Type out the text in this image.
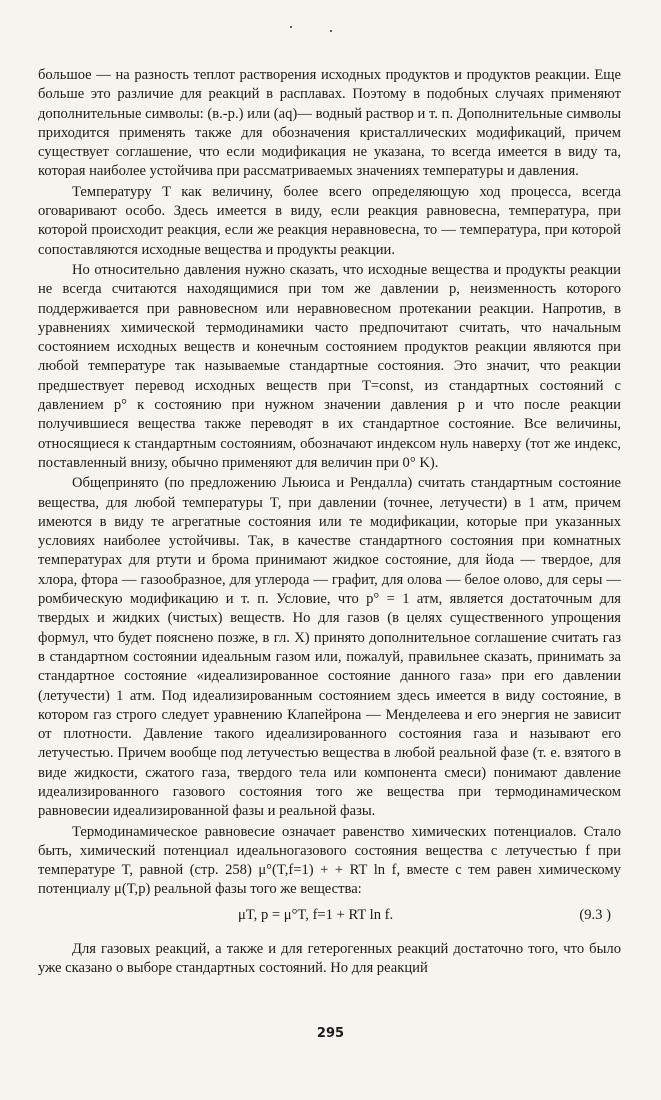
большое — на разность теплот растворения исходных продуктов и продуктов реакции. Еще больше это различие для реакций в расплавах. Поэтому в подобных случаях применяют дополнительные символы: (в.-р.) или (aq)— водный раствор и т. п. Дополнительные символы приходится применять также для обозначения кристаллических модификаций, причем существует соглашение, что если модификация не указана, то всегда имеется в виду та, которая наиболее устойчива при рассматриваемых значениях температуры и давления.

Температуру T как величину, более всего определяющую ход процесса, всегда оговаривают особо. Здесь имеется в виду, если реакция равновесна, температура, при которой происходит реакция, если же реакция неравновесна, то — температура, при которой сопоставляются исходные вещества и продукты реакции.

Но относительно давления нужно сказать, что исходные вещества и продукты реакции не всегда считаются находящимися при том же давлении p, неизменность которого поддерживается при равновесном или неравновесном протекании реакции. Напротив, в уравнениях химической термодинамики часто предпочитают считать, что начальным состоянием исходных веществ и конечным состоянием продуктов реакции являются при любой температуре так называемые стандартные состояния. Это значит, что реакции предшествует перевод исходных веществ при T=const, из стандартных состояний с давлением p° к состоянию при нужном значении давления p и что после реакции получившиеся вещества также переводят в их стандартное состояние. Все величины, относящиеся к стандартным состояниям, обозначают индексом нуль наверху (тот же индекс, поставленный внизу, обычно применяют для величин при 0° K).

Общепринято (по предложению Льюиса и Рендалла) считать стандартным состояние вещества, для любой температуры T, при давлении (точнее, летучести) в 1 атм, причем имеются в виду те агрегатные состояния или те модификации, которые при указанных условиях наиболее устойчивы. Так, в качестве стандартного состояния при комнатных температурах для ртути и брома принимают жидкое состояние, для йода — твердое, для хлора, фтора — газообразное, для углерода — графит, для олова — белое олово, для серы — ромбическую модификацию и т. п. Условие, что p° = 1 атм, является достаточным для твердых и жидких (чистых) веществ. Но для газов (в целях существенного упрощения формул, что будет пояснено позже, в гл. X) принято дополнительное соглашение считать газ в стандартном состоянии идеальным газом или, пожалуй, правильнее сказать, принимать за стандартное состояние «идеализированное состояние данного газа» при его давлении (летучести) 1 атм. Под идеализированным состоянием здесь имеется в виду состояние, в котором газ строго следует уравнению Клапейрона — Менделеева и его энергия не зависит от плотности. Давление такого идеализированного состояния газа и называют его летучестью. Причем вообще под летучестью вещества в любой реальной фазе (т. е. взятого в виде жидкости, сжатого газа, твердого тела или компонента смеси) понимают давление идеализированного газового состояния того же вещества при термодинамическом равновесии идеализированной фазы и реальной фазы.

Термодинамическое равновесие означает равенство химических потенциалов. Стало быть, химический потенциал идеальногазового состояния вещества с летучестью f при температуре T, равной (стр. 258) μ°(T,f=1) + + RT ln f, вместе с тем равен химическому потенциалу μ(T,p) реальной фазы того же вещества:

μT, p = μ°T, f=1 + RT ln f.	(9.3 )

Для газовых реакций, а также и для гетерогенных реакций достаточно того, что было уже сказано о выборе стандартных состояний. Но для реакций

295
